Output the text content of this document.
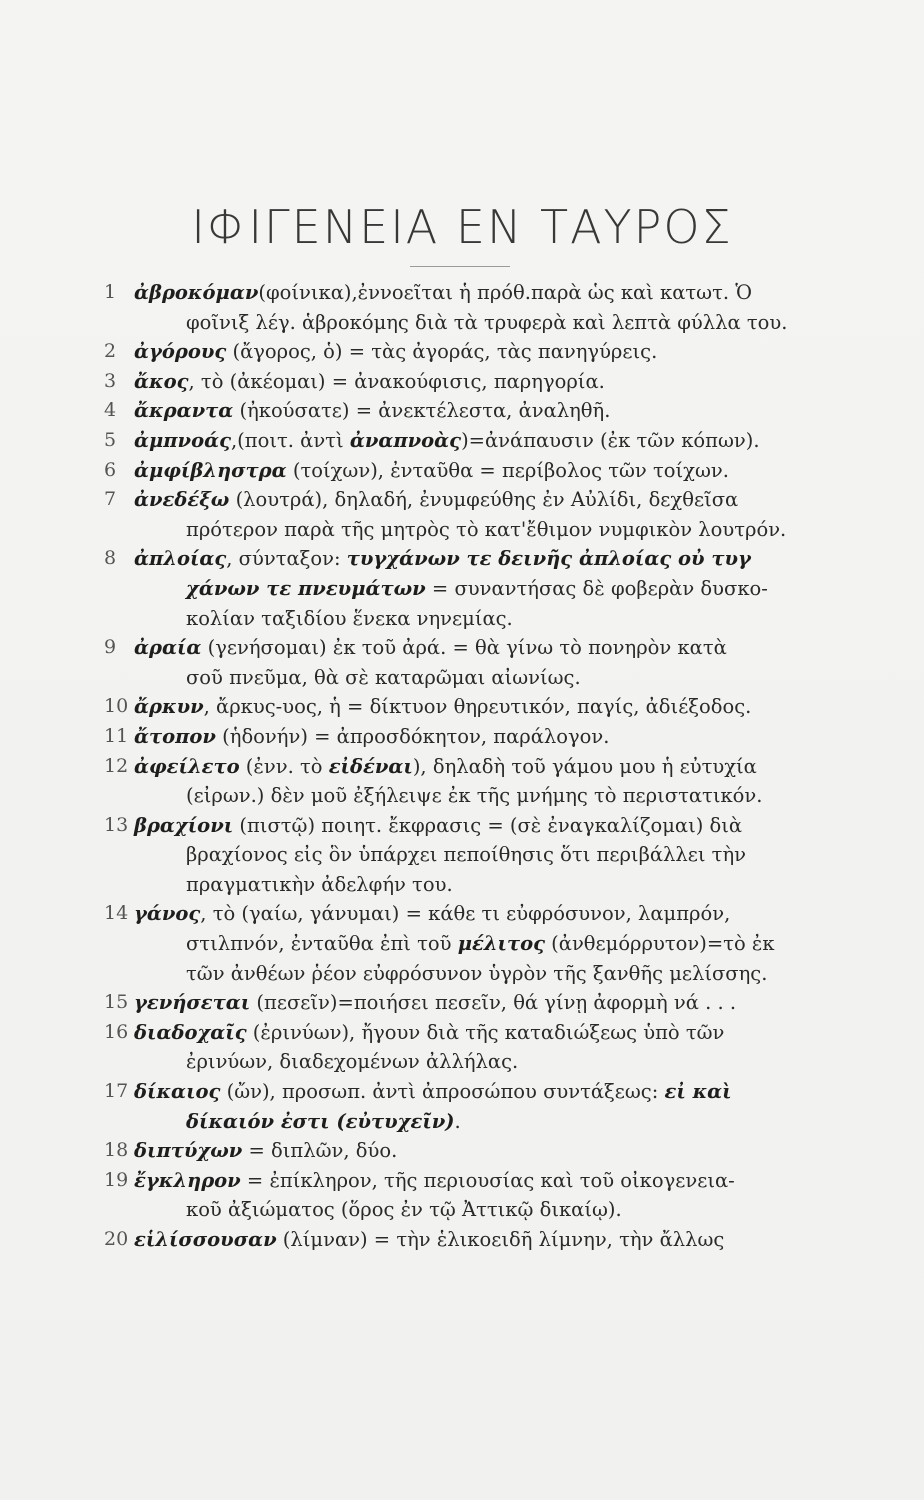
ΙΦΙΓΕΝΕΙΑ ΕΝ ΤΑΥΡΟΣ
1 ἀβροκόμαν(φοίνικα),ἐννοεῖται ἡ πρόθ.παρὰ ὡς καὶ κατωτ. Ὁ
φοῖνιξ λέγ. ἁβροκόμης διὰ τὰ τρυφερὰ καὶ λεπτὰ φύλλα του.
2 ἀγόρους (ἄγορος, ὁ) = τὰς ἀγοράς, τὰς πανηγύρεις.
3 ἄκος, τὸ (ἀκέομαι) = ἀνακούφισις, παρηγορία.
4 ἄκραντα (ἠκούσατε) = ἀνεκτέλεστα, ἀναληθῆ.
5 ἀμπνοάς,(ποιτ. ἀντὶ ἀναπνοὰς)=ἀνάπαυσιν (ἐκ τῶν κόπων).
6 ἀμφίβληστρα (τοίχων), ἐνταῦθα = περίβολος τῶν τοίχων.
7 ἀνεδέξω (λουτρά), δηλαδή, ἐνυμφεύθης ἐν Αὐλίδι, δεχθεῖσα
πρότερον παρὰ τῆς μητρὸς τὸ κατ'ἔθιμον νυμφικὸν λουτρόν.
8 ἀπλοίας, σύνταξον: τυγχάνων τε δεινῆς ἀπλοίας οὐ τυγ
χάνων τε πνευμάτων = συναντήσας δὲ φοβερὰν δυσκο-
κολίαν ταξιδίου ἕνεκα νηνεμίας.
9 ἀραία (γενήσομαι) ἐκ τοῦ ἀρά. = θὰ γίνω τὸ πονηρὸν κατὰ
σοῦ πνεῦμα, θὰ σὲ καταρῶμαι αἰωνίως.
10 ἄρκυν, ἄρκυς-υος, ἡ = δίκτυον θηρευτικόν, παγίς, ἀδιέξοδος.
11 ἄτοπον (ἡδονήν) = ἀπροσδόκητον, παράλογον.
12 ἀφείλετο (ἐνν. τὸ εἰδέναι), δηλαδὴ τοῦ γάμου μου ἡ εὐτυχία
(εἰρων.) δὲν μοῦ ἐξήλειψε ἐκ τῆς μνήμης τὸ περιστατικόν.
13 βραχίονι (πιστῷ) ποιητ. ἔκφρασις = (σὲ ἐναγκαλίζομαι) διὰ
βραχίονος εἰς ὃν ὑπάρχει πεποίθησις ὅτι περιβάλλει τὴν
πραγματικὴν ἀδελφήν του.
14 γάνος, τὸ (γαίω, γάνυμαι) = κάθε τι εὐφρόσυνον, λαμπρόν,
στιλπνόν, ἐνταῦθα ἐπὶ τοῦ μέλιτος (ἀνθεμόρρυτον)=τὸ ἐκ
τῶν ἀνθέων ῥέον εὐφρόσυνον ὑγρὸν τῆς ξανθῆς μελίσσης.
15 γενήσεται (πεσεῖν)=ποιήσει πεσεῖν, θά γίνῃ ἀφορμὴ νά . . .
16 διαδοχαῖς (ἐρινύων), ἤγουν διὰ τῆς καταδιώξεως ὑπὸ τῶν
ἐρινύων, διαδεχομένων ἀλλήλας.
17 δίκαιος (ὤν), προσωπ. ἀντὶ ἀπροσώπου συντάξεως: εἰ καὶ
δίκαιόν ἐστι (εὐτυχεῖν).
18 διπτύχων = διπλῶν, δύο.
19 ἔγκληρον = ἐπίκληρον, τῆς περιουσίας καὶ τοῦ οἰκογενεια-
κοῦ ἀξιώματος (ὅρος ἐν τῷ Ἀττικῷ δικαίῳ).
20 εἱλίσσουσαν (λίμναν) = τὴν ἑλικοειδῆ λίμνην, τὴν ἄλλως
